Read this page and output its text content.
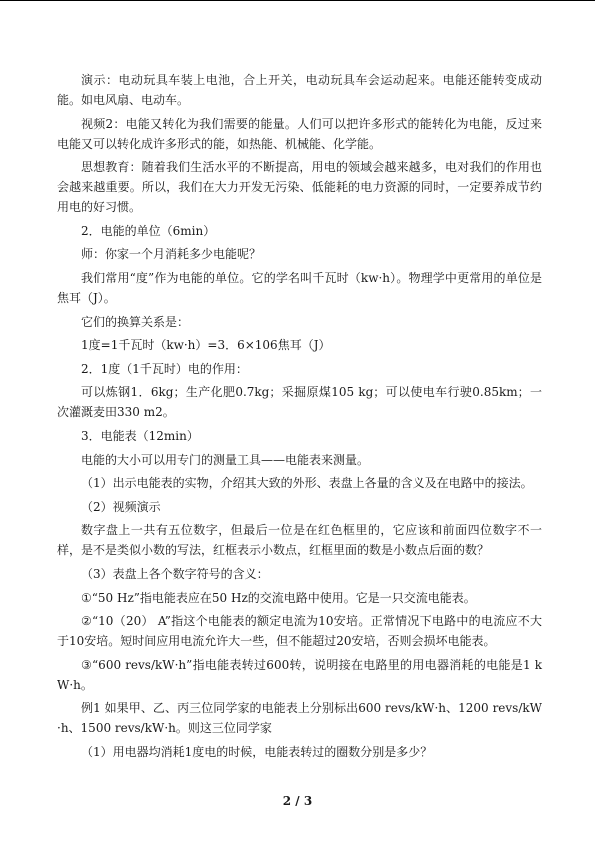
演示：电动玩具车装上电池，合上开关，电动玩具车会运动起来。电能还能转变成动能。如电风扇、电动车。

视频2：电能又转化为我们需要的能量。人们可以把许多形式的能转化为电能，反过来电能又可以转化成许多形式的能，如热能、机械能、化学能。

思想教育：随着我们生活水平的不断提高，用电的领域会越来越多，电对我们的作用也会越来越重要。所以，我们在大力开发无污染、低能耗的电力资源的同时，一定要养成节约用电的好习惯。

2．电能的单位（6min）

师：你家一个月消耗多少电能呢？

我们常用“度”作为电能的单位。它的学名叫千瓦时（kw·h）。物理学中更常用的单位是焦耳（J）。

它们的换算关系是：

1度=1千瓦时（kw·h）=3．6×106焦耳（J）

2．1度（1千瓦时）电的作用：

可以炼钢1．6kg；生产化肥0.7kg；采掘原煤105 kg；可以使电车行驶0.85km；一次灌溉麦田330 m2。

3．电能表（12min）

电能的大小可以用专门的测量工具——电能表来测量。

（1）出示电能表的实物，介绍其大致的外形、表盘上各量的含义及在电路中的接法。

（2）视频演示

数字盘上一共有五位数字，但最后一位是在红色框里的，它应该和前面四位数字不一样，是不是类似小数的写法，红框表示小数点，红框里面的数是小数点后面的数？

（3）表盘上各个数字符号的含义：

①“50 Hz”指电能表应在50 Hz的交流电路中使用。它是一只交流电能表。

②“10（20） A”指这个电能表的额定电流为10安培。正常情况下电路中的电流应不大于10安培。短时间应用电流允许大一些，但不能超过20安培，否则会损坏电能表。

③“600 revs/kW·h”指电能表转过600转，说明接在电路里的用电器消耗的电能是1 kW·h。

例1 如果甲、乙、丙三位同学家的电能表上分别标出600 revs/kW·h、1200 revs/kW·h、1500 revs/kW·h。则这三位同学家

（1）用电器均消耗1度电的时候，电能表转过的圈数分别是多少？

2 / 3
